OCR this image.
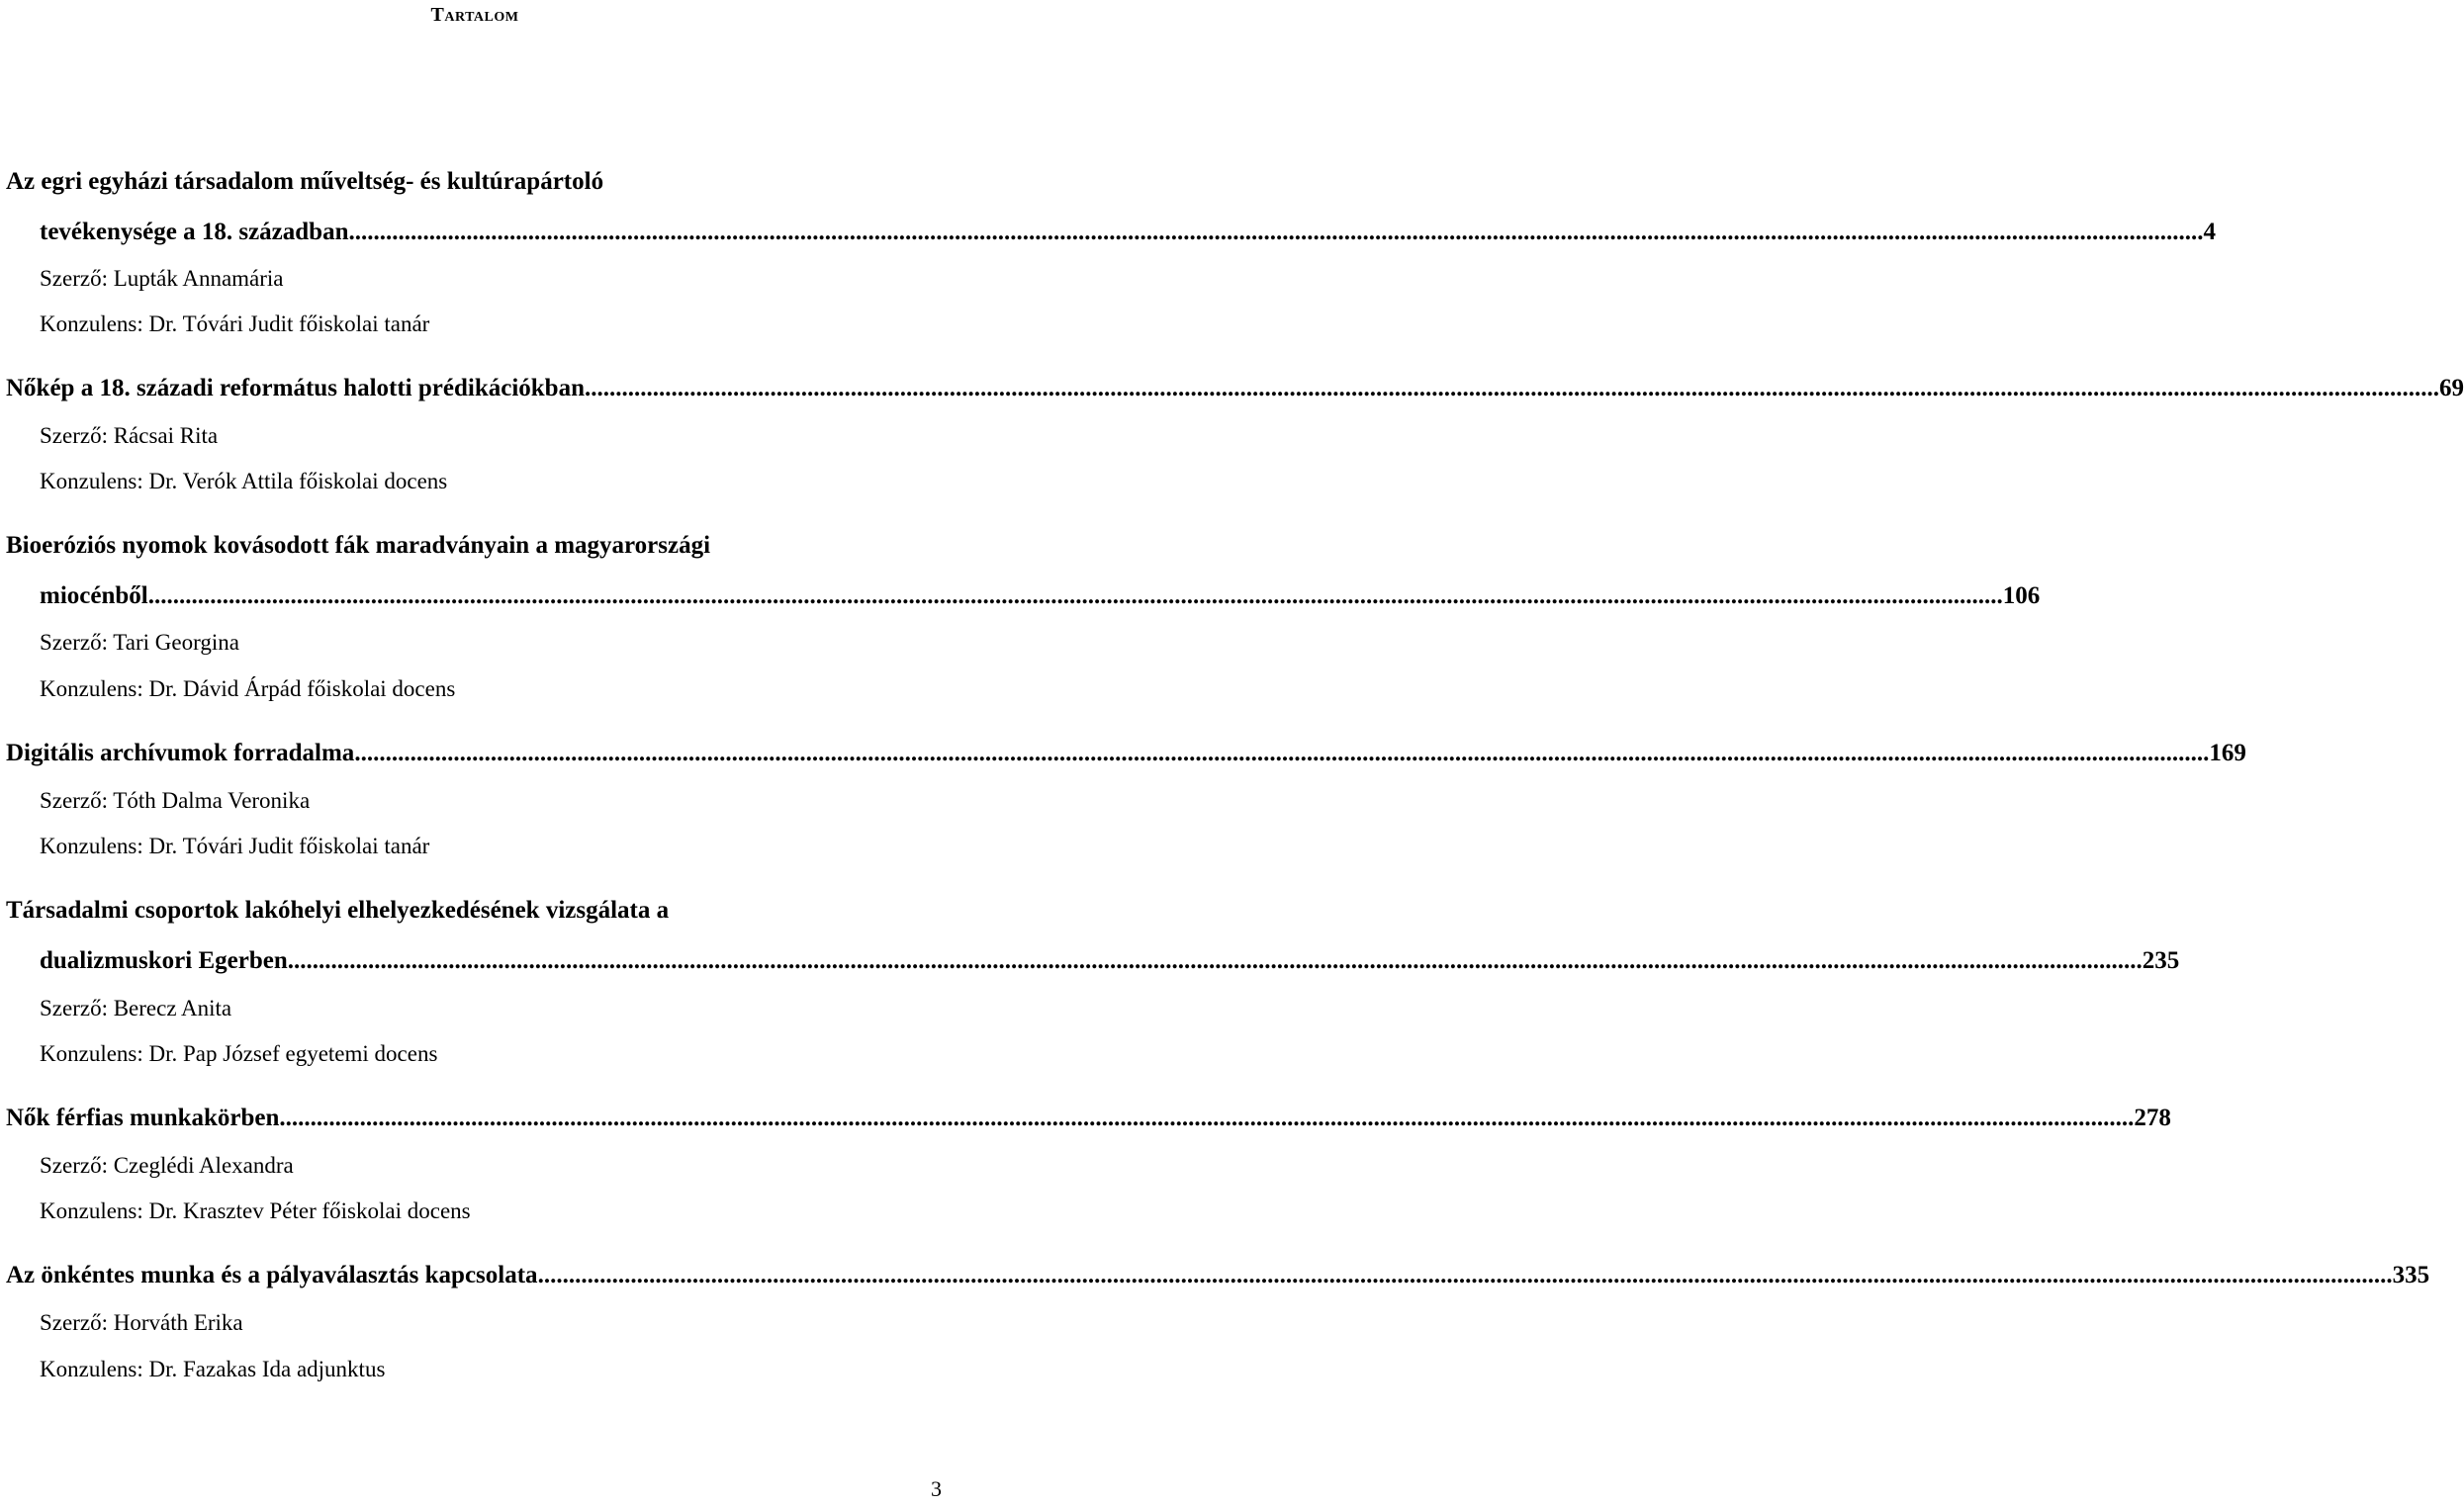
Tartalom
Az egri egyházi társadalom műveltség- és kultúrapártoló
tevékenysége a 18. században ............................................................................................................................................................................................................................................................................................................ 4
Szerző: Lupták Annamária
Konzulens: Dr. Tóvári Judit főiskolai tanár
Nőkép a 18. századi református halotti prédikációkban ............................................................................................................................................................................................................................................................................................................ 69
Szerző: Rácsai Rita
Konzulens: Dr. Verók Attila főiskolai docens
Bioeróziós nyomok kovásodott fák maradványain a magyarországi
miocénből ............................................................................................................................................................................................................................................................................................................ 106
Szerző: Tari Georgina
Konzulens: Dr. Dávid Árpád főiskolai docens
Digitális archívumok forradalma ............................................................................................................................................................................................................................................................................................................ 169
Szerző: Tóth Dalma Veronika
Konzulens: Dr. Tóvári Judit főiskolai tanár
Társadalmi csoportok lakóhelyi elhelyezkedésének vizsgálata a
dualizmuskori Egerben ............................................................................................................................................................................................................................................................................................................ 235
Szerző: Berecz Anita
Konzulens: Dr. Pap József egyetemi docens
Nők férfias munkakörben ............................................................................................................................................................................................................................................................................................................ 278
Szerző: Czeglédi Alexandra
Konzulens: Dr. Krasztev Péter főiskolai docens
Az önkéntes munka és a pályaválasztás kapcsolata ............................................................................................................................................................................................................................................................................................................ 335
Szerző: Horváth Erika
Konzulens: Dr. Fazakas Ida adjunktus
3
